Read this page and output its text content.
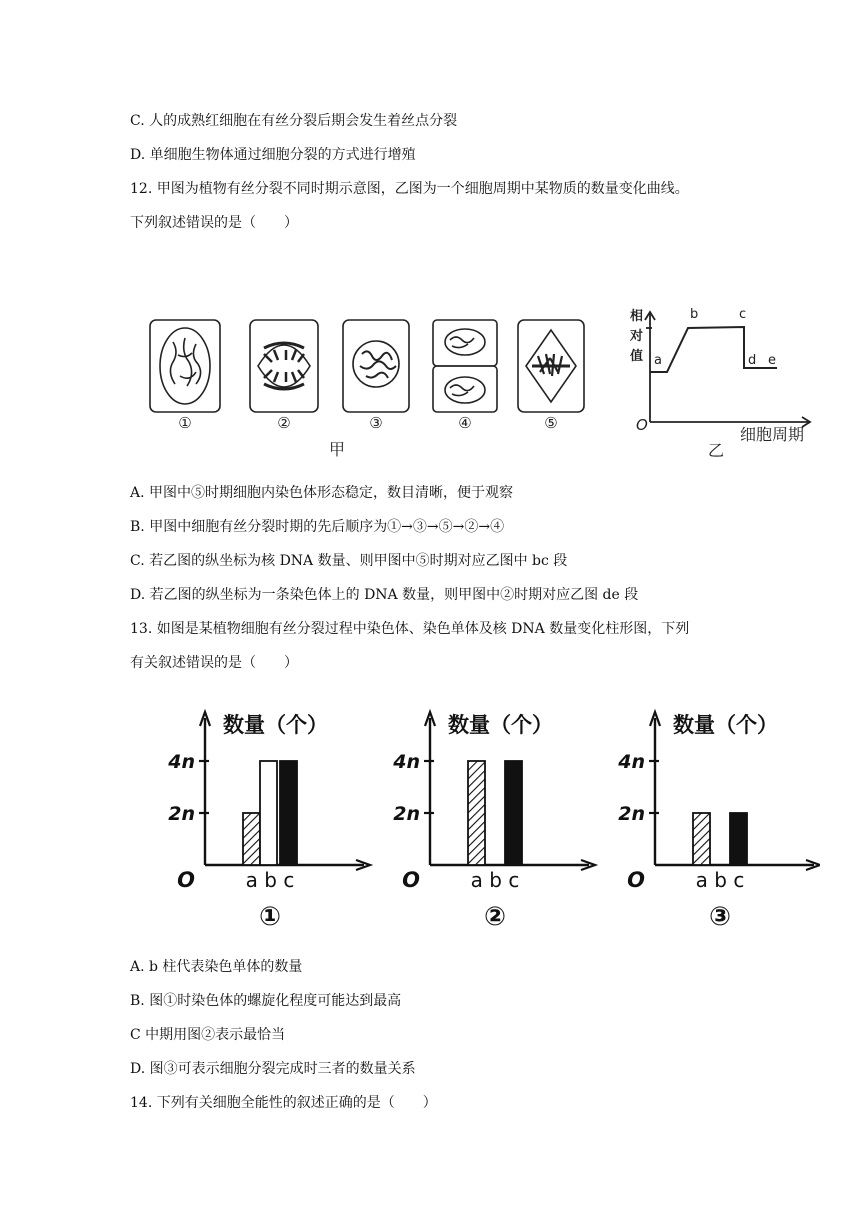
C. 人的成熟红细胞在有丝分裂后期会发生着丝点分裂
D. 单细胞生物体通过细胞分裂的方式进行增殖
12. 甲图为植物有丝分裂不同时期示意图，乙图为一个细胞周期中某物质的数量变化曲线。
下列叙述错误的是（　　）
①	②	③	④	⑤
甲
相
对
值 a
b	c
d e
O	细胞周期
乙
A. 甲图中⑤时期细胞内染色体形态稳定，数目清晰，便于观察
B. 甲图中细胞有丝分裂时期的先后顺序为①→③→⑤→②→④
C. 若乙图的纵坐标为核 DNA 数量、则甲图中⑤时期对应乙图中 bc 段
D. 若乙图的纵坐标为一条染色体上的 DNA 数量，则甲图中②时期对应乙图 de 段
13. 如图是某植物细胞有丝分裂过程中染色体、染色单体及核 DNA 数量变化柱形图，下列
有关叙述错误的是（　　）
数量（个）
2n
4n
O	a b c
①
数量（个）
2n
4n
O	a b c
②
数量（个）
2n
4n
O	a b c
③
A. b 柱代表染色单体的数量
B. 图①时染色体的螺旋化程度可能达到最高
C 中期用图②表示最恰当
D. 图③可表示细胞分裂完成时三者的数量关系
14. 下列有关细胞全能性的叙述正确的是（　　）
